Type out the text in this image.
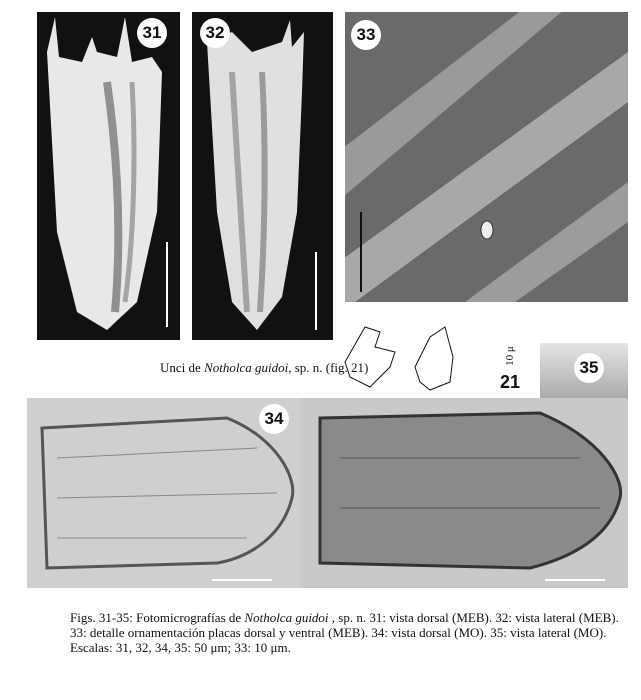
31	32	33
10 μ
Unci de Notholca guidoi, sp. n. (fig. 21)
21
34
35
Figs. 31-35: Fotomicrografías de Notholca guidoi , sp. n. 31: vista dorsal (MEB). 32: vista lateral (MEB). 33: detalle ornamentación placas dorsal y ventral (MEB). 34: vista dorsal (MO). 35: vista lateral (MO). Escalas: 31, 32, 34, 35: 50 μm; 33: 10 μm.
